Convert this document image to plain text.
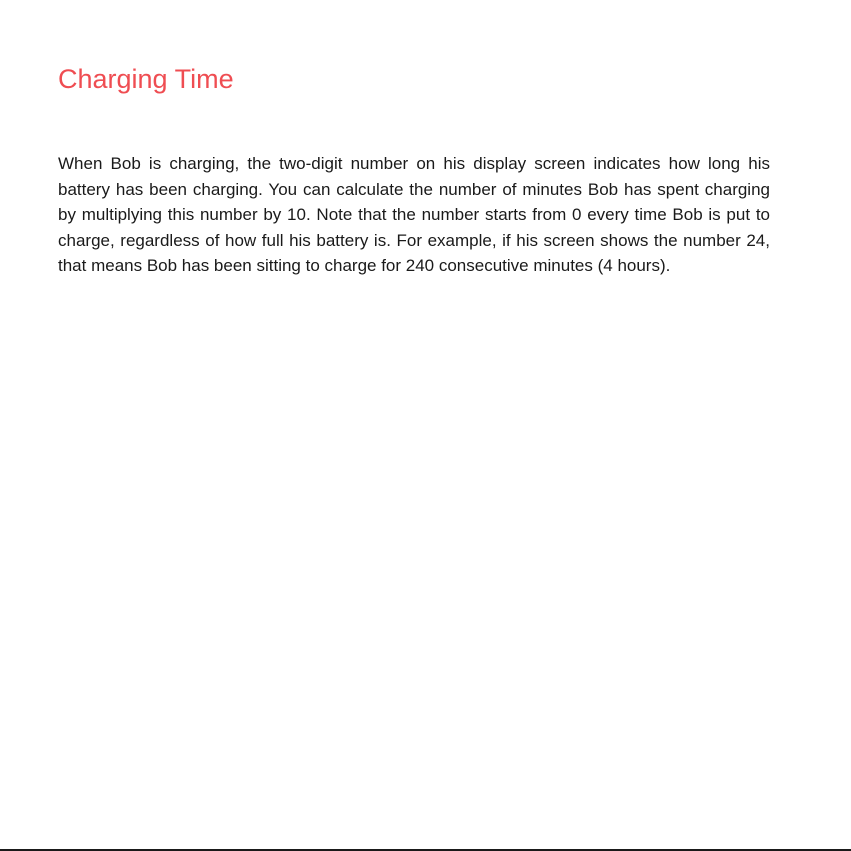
Charging Time

When Bob is charging, the two-digit number on his display screen indicates how long his battery has been charging. You can calculate the number of minutes Bob has spent charging by multiplying this number by 10. Note that the number starts from 0 every time Bob is put to charge, regardless of how full his battery is. For example, if his screen shows the number 24, that means Bob has been sitting to charge for 240 consecutive minutes (4 hours).
